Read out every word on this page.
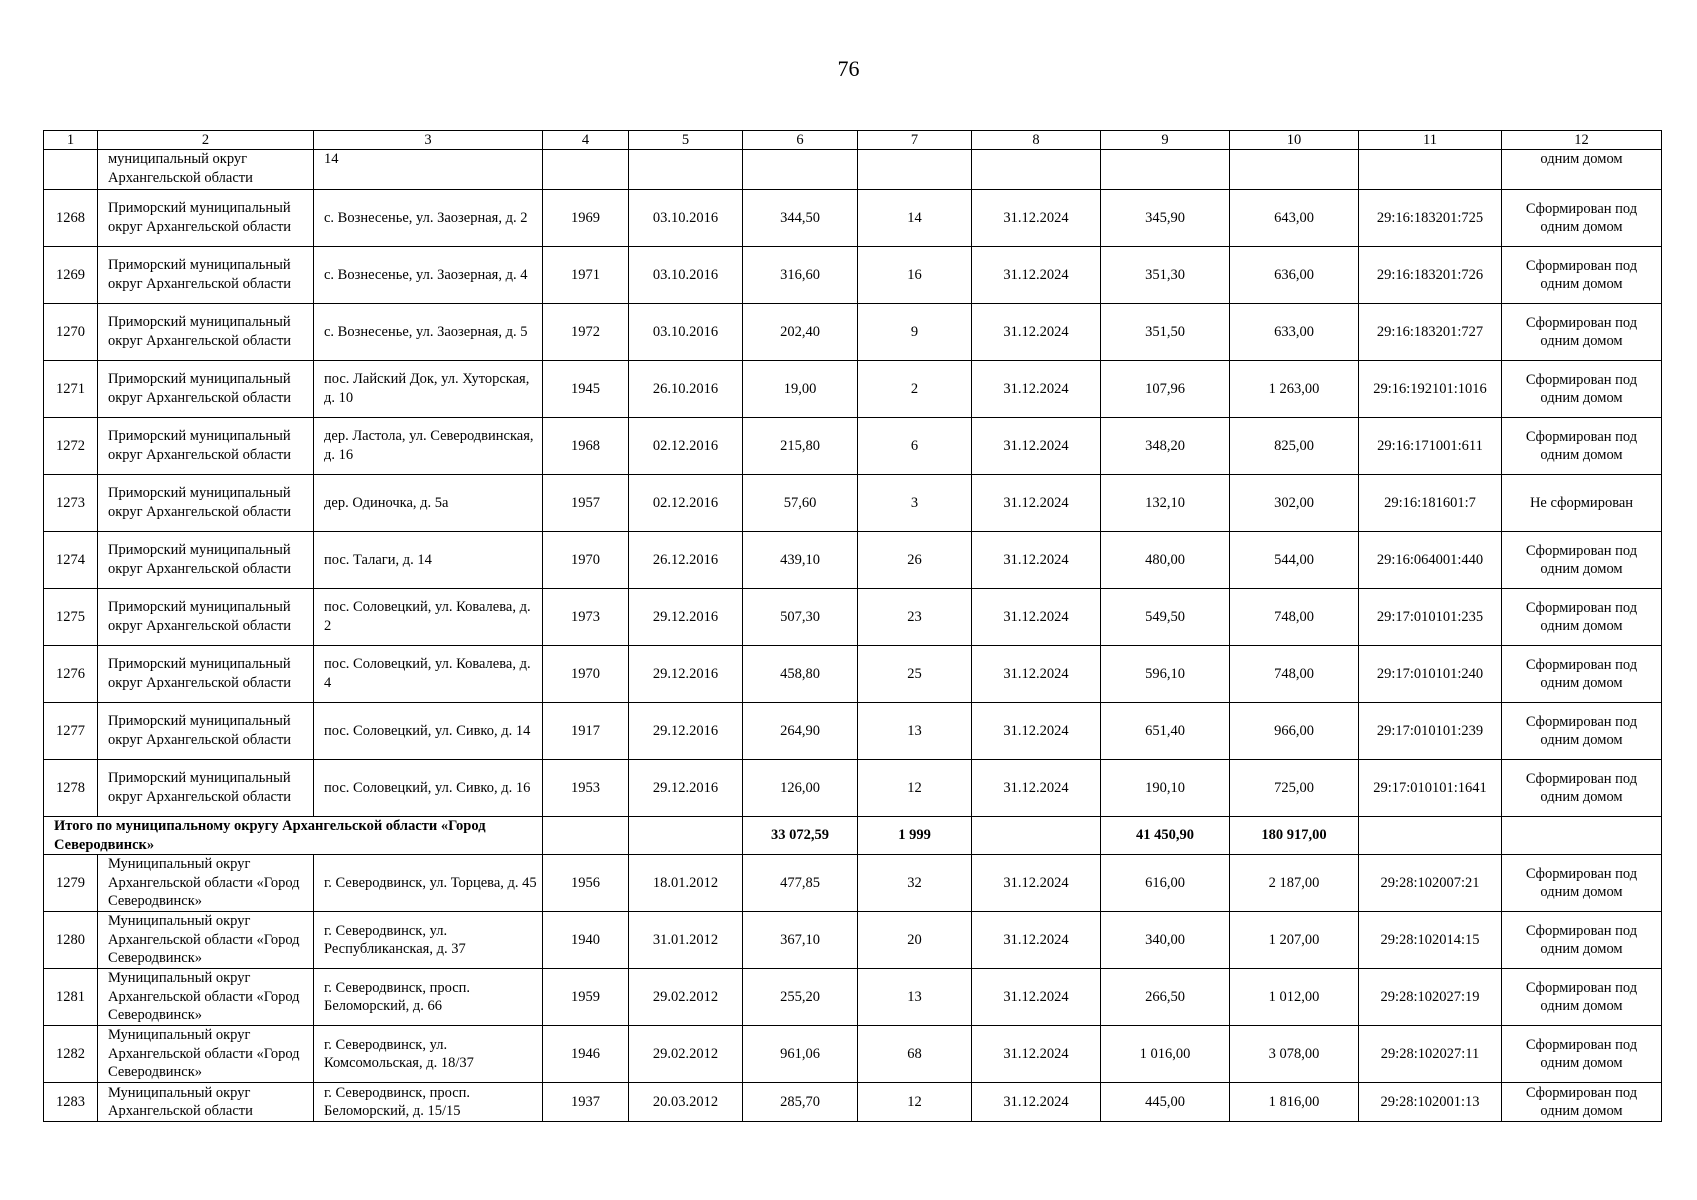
76
1	2	3	4	5	6	7	8	9	10	11	12
	муниципальный округ Архангельской области	14									одним домом
1268	Приморский муниципальный округ Архангельской области	с. Вознесенье, ул. Заозерная, д. 2	1969	03.10.2016	344,50	14	31.12.2024	345,90	643,00	29:16:183201:725	Сформирован под одним домом
1269	Приморский муниципальный округ Архангельской области	с. Вознесенье, ул. Заозерная, д. 4	1971	03.10.2016	316,60	16	31.12.2024	351,30	636,00	29:16:183201:726	Сформирован под одним домом
1270	Приморский муниципальный округ Архангельской области	с. Вознесенье, ул. Заозерная, д. 5	1972	03.10.2016	202,40	9	31.12.2024	351,50	633,00	29:16:183201:727	Сформирован под одним домом
1271	Приморский муниципальный округ Архангельской области	пос. Лайский Док, ул. Хуторская, д. 10	1945	26.10.2016	19,00	2	31.12.2024	107,96	1 263,00	29:16:192101:1016	Сформирован под одним домом
1272	Приморский муниципальный округ Архангельской области	дер. Ластола, ул. Северодвинская, д. 16	1968	02.12.2016	215,80	6	31.12.2024	348,20	825,00	29:16:171001:611	Сформирован под одним домом
1273	Приморский муниципальный округ Архангельской области	дер. Одиночка, д. 5а	1957	02.12.2016	57,60	3	31.12.2024	132,10	302,00	29:16:181601:7	Не сформирован
1274	Приморский муниципальный округ Архангельской области	пос. Талаги, д. 14	1970	26.12.2016	439,10	26	31.12.2024	480,00	544,00	29:16:064001:440	Сформирован под одним домом
1275	Приморский муниципальный округ Архангельской области	пос. Соловецкий, ул. Ковалева, д. 2	1973	29.12.2016	507,30	23	31.12.2024	549,50	748,00	29:17:010101:235	Сформирован под одним домом
1276	Приморский муниципальный округ Архангельской области	пос. Соловецкий, ул. Ковалева, д. 4	1970	29.12.2016	458,80	25	31.12.2024	596,10	748,00	29:17:010101:240	Сформирован под одним домом
1277	Приморский муниципальный округ Архангельской области	пос. Соловецкий, ул. Сивко, д. 14	1917	29.12.2016	264,90	13	31.12.2024	651,40	966,00	29:17:010101:239	Сформирован под одним домом
1278	Приморский муниципальный округ Архангельской области	пос. Соловецкий, ул. Сивко, д. 16	1953	29.12.2016	126,00	12	31.12.2024	190,10	725,00	29:17:010101:1641	Сформирован под одним домом
Итого по муниципальному округу Архангельской области «Город Северодвинск»					33 072,59	1 999		41 450,90	180 917,00		
1279	Муниципальный округ Архангельской области «Город Северодвинск»	г. Северодвинск, ул. Торцева, д. 45	1956	18.01.2012	477,85	32	31.12.2024	616,00	2 187,00	29:28:102007:21	Сформирован под одним домом
1280	Муниципальный округ Архангельской области «Город Северодвинск»	г. Северодвинск, ул. Республиканская, д. 37	1940	31.01.2012	367,10	20	31.12.2024	340,00	1 207,00	29:28:102014:15	Сформирован под одним домом
1281	Муниципальный округ Архангельской области «Город Северодвинск»	г. Северодвинск, просп. Беломорский, д. 66	1959	29.02.2012	255,20	13	31.12.2024	266,50	1 012,00	29:28:102027:19	Сформирован под одним домом
1282	Муниципальный округ Архангельской области «Город Северодвинск»	г. Северодвинск, ул. Комсомольская, д. 18/37	1946	29.02.2012	961,06	68	31.12.2024	1 016,00	3 078,00	29:28:102027:11	Сформирован под одним домом
1283	Муниципальный округ Архангельской области	г. Северодвинск, просп. Беломорский, д. 15/15	1937	20.03.2012	285,70	12	31.12.2024	445,00	1 816,00	29:28:102001:13	Сформирован под одним домом
